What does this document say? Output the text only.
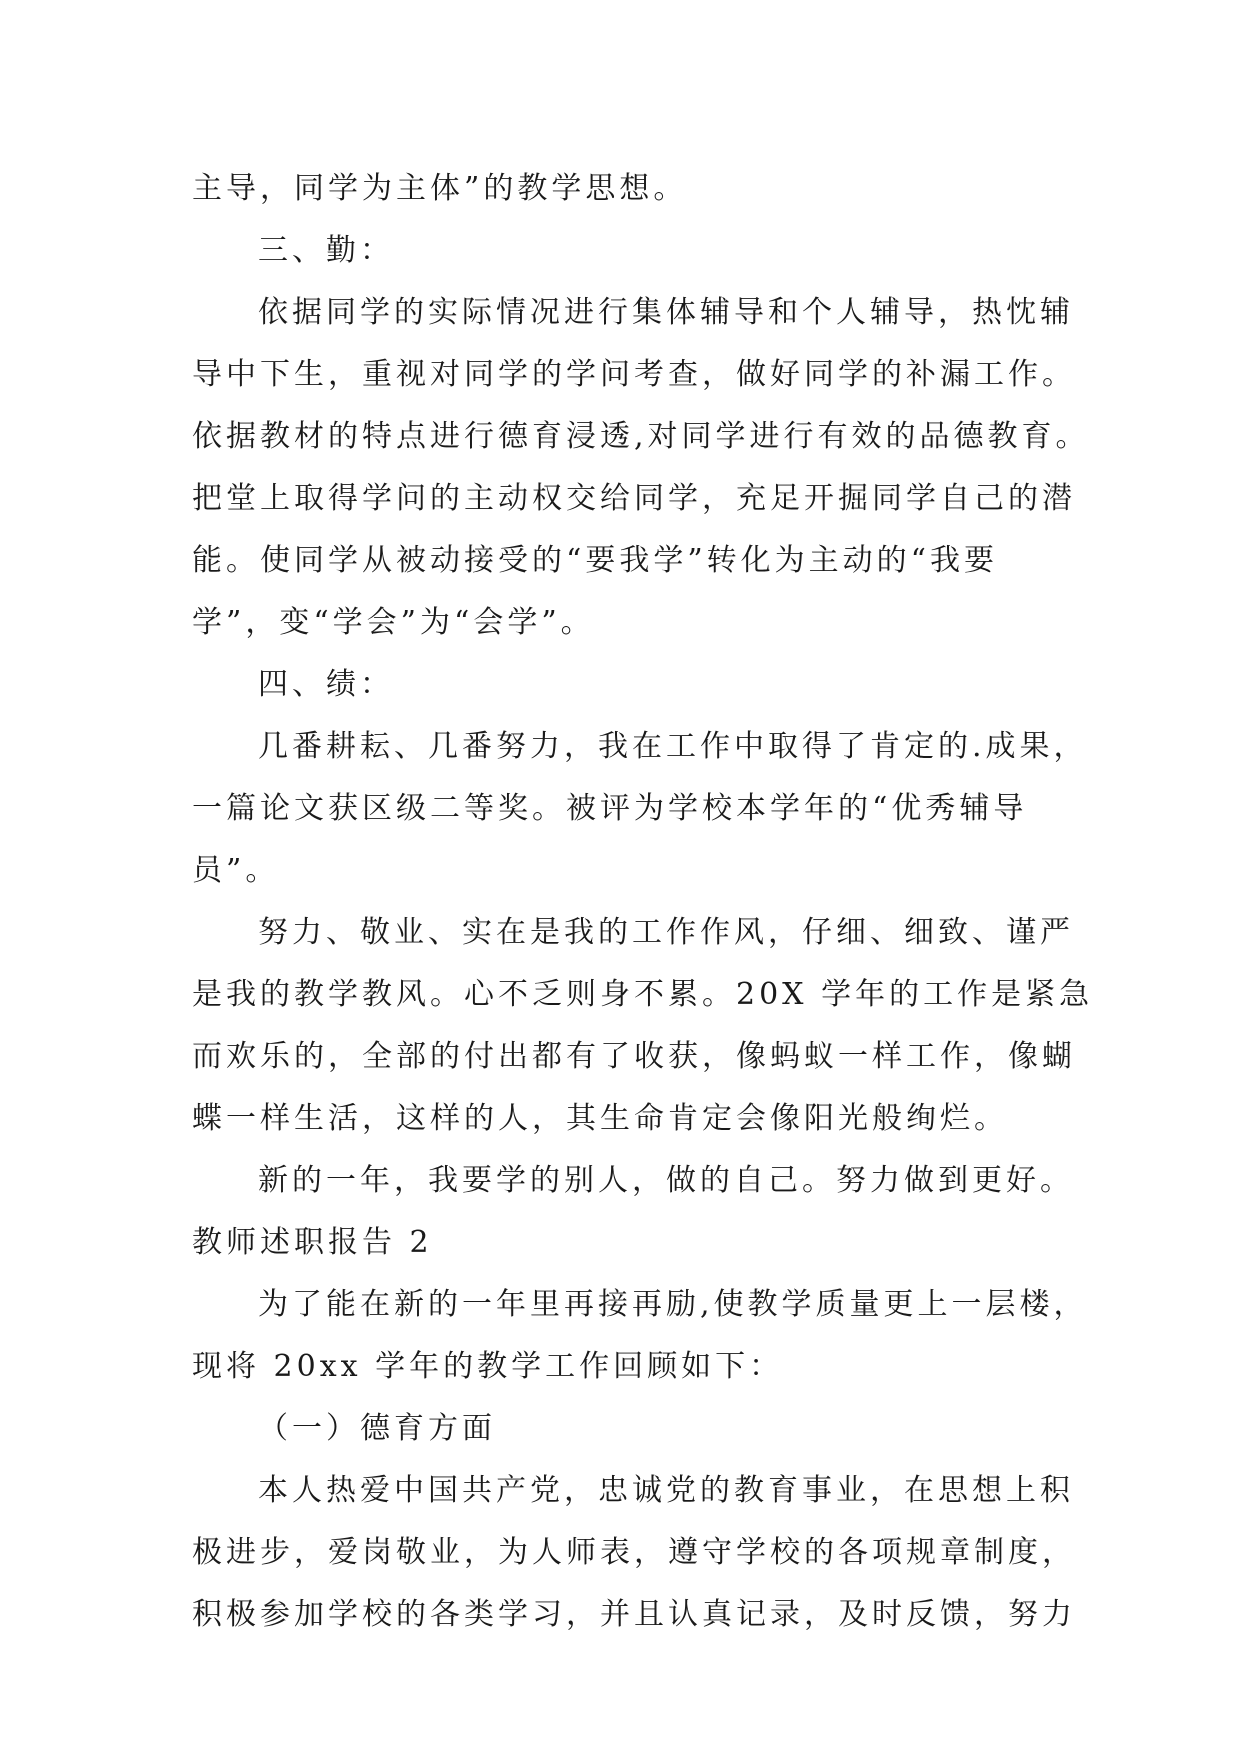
主导，同学为主体”的教学思想。
三、勤：
依据同学的实际情况进行集体辅导和个人辅导，热忱辅
导中下生，重视对同学的学问考查，做好同学的补漏工作。
依据教材的特点进行德育浸透,对同学进行有效的品德教育。
把堂上取得学问的主动权交给同学，充足开掘同学自己的潜
能。使同学从被动接受的“要我学”转化为主动的“我要
学”，变“学会”为“会学”。
四、绩：
几番耕耘、几番努力，我在工作中取得了肯定的.成果，
一篇论文获区级二等奖。被评为学校本学年的“优秀辅导
员”。
努力、敬业、实在是我的工作作风，仔细、细致、谨严
是我的教学教风。心不乏则身不累。20X 学年的工作是紧急
而欢乐的，全部的付出都有了收获，像蚂蚁一样工作，像蝴
蝶一样生活，这样的人，其生命肯定会像阳光般绚烂。
新的一年，我要学的别人，做的自己。努力做到更好。
教师述职报告 2
为了能在新的一年里再接再励,使教学质量更上一层楼，
现将 20xx 学年的教学工作回顾如下：
（一）德育方面
本人热爱中国共产党，忠诚党的教育事业，在思想上积
极进步，爱岗敬业，为人师表，遵守学校的各项规章制度，
积极参加学校的各类学习，并且认真记录，及时反馈，努力
